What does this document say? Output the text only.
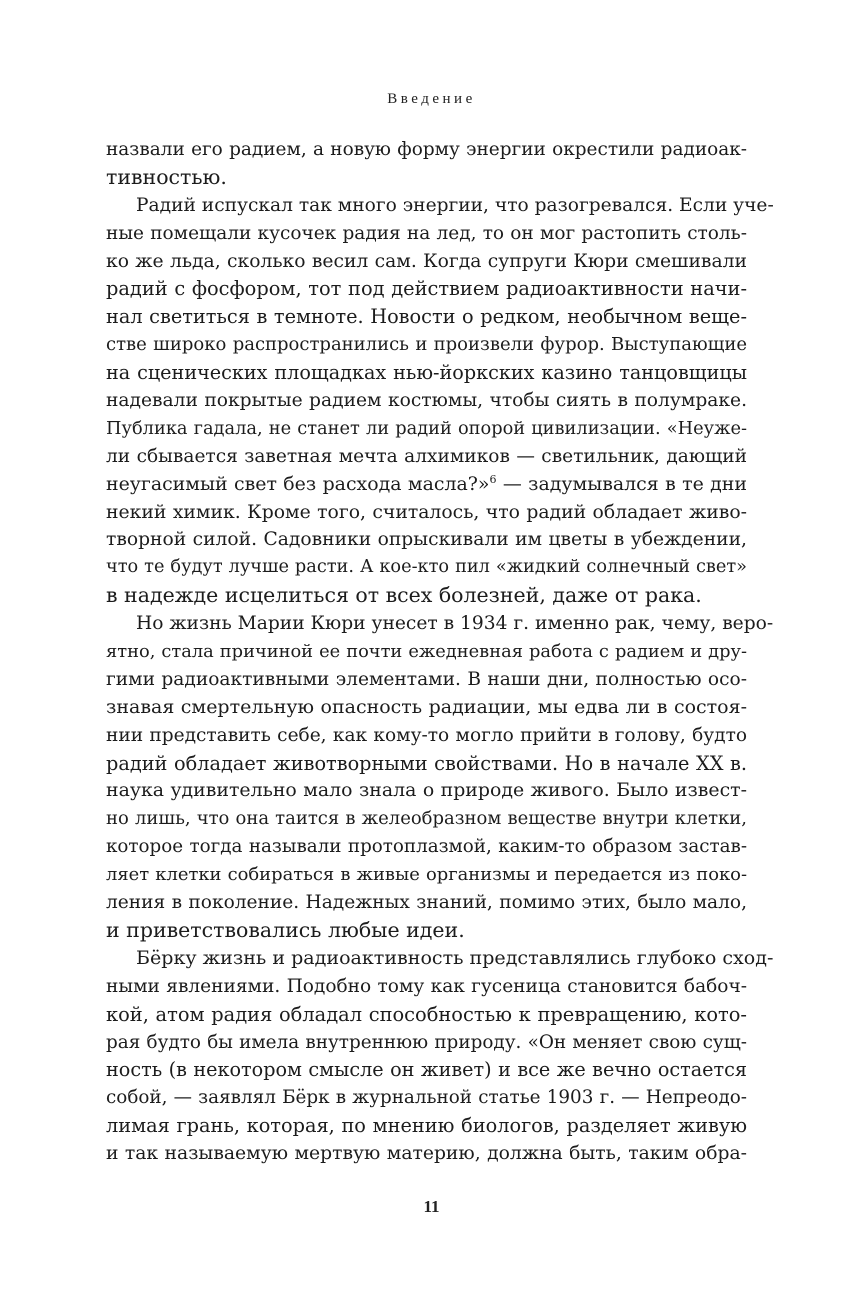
Введение
назвали его радием, а новую форму энергии окрестили радиоак-
тивностью.
Радий испускал так много энергии, что разогревался. Если уче-
ные помещали кусочек радия на лед, то он мог растопить столь-
ко же льда, сколько весил сам. Когда супруги Кюри смешивали
радий с фосфором, тот под действием радиоактивности начи-
нал светиться в темноте. Новости о редком, необычном веще-
стве широко распространились и произвели фурор. Выступающие
на сценических площадках нью-йоркских казино танцовщицы
надевали покрытые радием костюмы, чтобы сиять в полумраке.
Публика гадала, не станет ли радий опорой цивилизации. «Неуже-
ли сбывается заветная мечта алхимиков — светильник, дающий
неугасимый свет без расхода масла?»$^6$ — задумывался в те дни
некий химик. Кроме того, считалось, что радий обладает живо-
творной силой. Садовники опрыскивали им цветы в убеждении,
что те будут лучше расти. А кое-кто пил «жидкий солнечный свет»
в надежде исцелиться от всех болезней, даже от рака.
Но жизнь Марии Кюри унесет в 1934 г. именно рак, чему, веро-
ятно, стала причиной ее почти ежедневная работа с радием и дру-
гими радиоактивными элементами. В наши дни, полностью осо-
знавая смертельную опасность радиации, мы едва ли в состоя-
нии представить себе, как кому-то могло прийти в голову, будто
радий обладает животворными свойствами. Но в начале XX в.
наука удивительно мало знала о природе живого. Было извест-
но лишь, что она таится в желеобразном веществе внутри клетки,
которое тогда называли протоплазмой, каким-то образом застав-
ляет клетки собираться в живые организмы и передается из поко-
ления в поколение. Надежных знаний, помимо этих, было мало,
и приветствовались любые идеи.
Бёрку жизнь и радиоактивность представлялись глубоко сход-
ными явлениями. Подобно тому как гусеница становится бабоч-
кой, атом радия обладал способностью к превращению, кото-
рая будто бы имела внутреннюю природу. «Он меняет свою сущ-
ность (в некотором смысле он живет) и все же вечно остается
собой, — заявлял Бёрк в журнальной статье 1903 г. — Непреодо-
лимая грань, которая, по мнению биологов, разделяет живую
и так называемую мертвую материю, должна быть, таким обра-
11
